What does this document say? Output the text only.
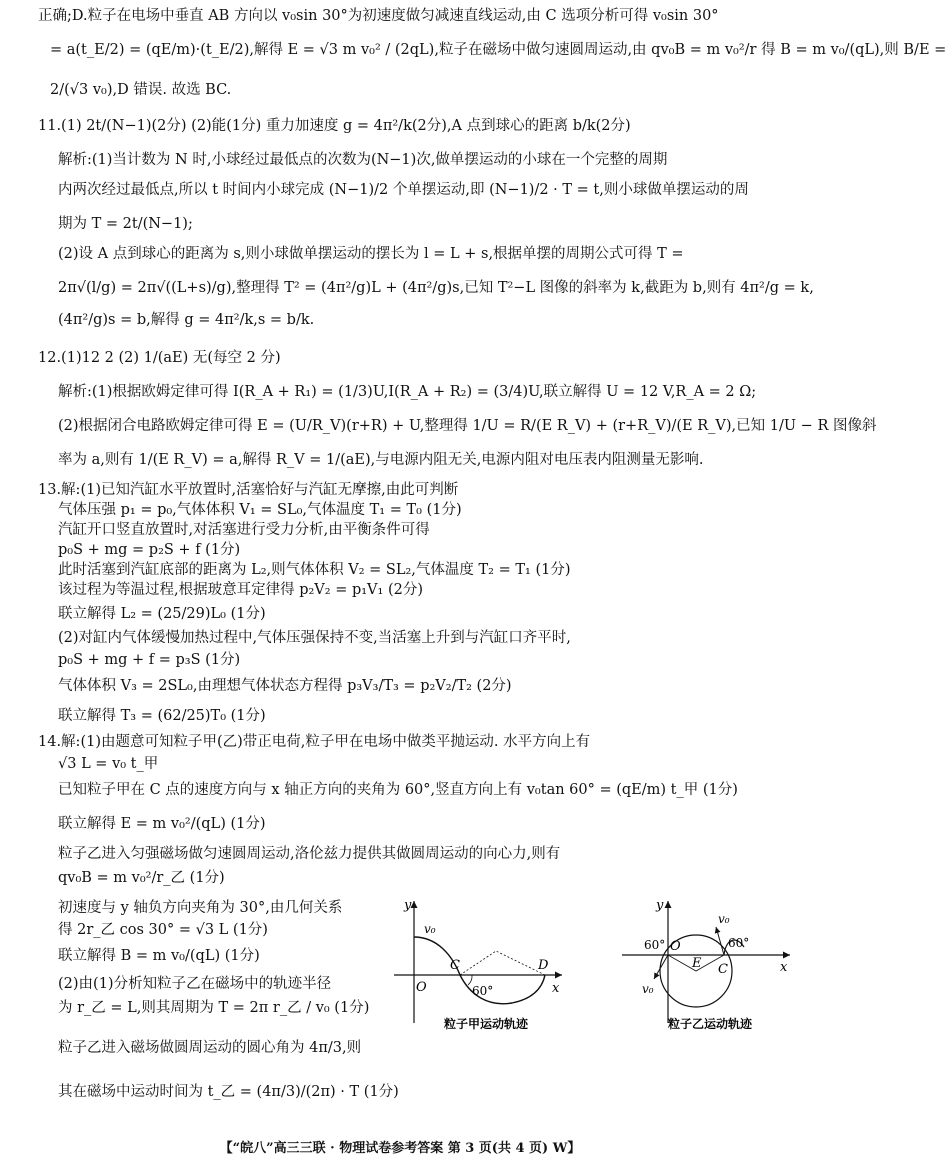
正确;D.粒子在电场中垂直 AB 方向以 v₀sin 30°为初速度做匀减速直线运动,由 C 选项分析可得 v₀sin 30°
= a(t_E/2) = (qE/m)·(t_E/2),解得 E = √3 m v₀² / (2qL),粒子在磁场中做匀速圆周运动,由 qv₀B = m v₀²/r 得 B = m v₀/(qL),则 B/E =
2/(√3 v₀),D 错误. 故选 BC.
11.(1) 2t/(N−1)(2分) (2)能(1分) 重力加速度 g = 4π²/k(2分),A 点到球心的距离 b/k(2分)
解析:(1)当计数为 N 时,小球经过最低点的次数为(N−1)次,做单摆运动的小球在一个完整的周期
内两次经过最低点,所以 t 时间内小球完成 (N−1)/2 个单摆运动,即 (N−1)/2 · T = t,则小球做单摆运动的周
期为 T = 2t/(N−1);
(2)设 A 点到球心的距离为 s,则小球做单摆运动的摆长为 l = L + s,根据单摆的周期公式可得 T =
2π√(l/g) = 2π√((L+s)/g),整理得 T² = (4π²/g)L + (4π²/g)s,已知 T²−L 图像的斜率为 k,截距为 b,则有 4π²/g = k,
(4π²/g)s = b,解得 g = 4π²/k,s = b/k.
12.(1)12 2 (2) 1/(aE) 无(每空 2 分)
解析:(1)根据欧姆定律可得 I(R_A + R₁) = (1/3)U,I(R_A + R₂) = (3/4)U,联立解得 U = 12 V,R_A = 2 Ω;
(2)根据闭合电路欧姆定律可得 E = (U/R_V)(r+R) + U,整理得 1/U = R/(E R_V) + (r+R_V)/(E R_V),已知 1/U − R 图像斜
率为 a,则有 1/(E R_V) = a,解得 R_V = 1/(aE),与电源内阻无关,电源内阻对电压表内阻测量无影响.
13.解:(1)已知汽缸水平放置时,活塞恰好与汽缸无摩擦,由此可判断
气体压强 p₁ = p₀,气体体积 V₁ = SL₀,气体温度 T₁ = T₀ (1分)
汽缸开口竖直放置时,对活塞进行受力分析,由平衡条件可得
p₀S + mg = p₂S + f (1分)
此时活塞到汽缸底部的距离为 L₂,则气体体积 V₂ = SL₂,气体温度 T₂ = T₁ (1分)
该过程为等温过程,根据玻意耳定律得 p₂V₂ = p₁V₁ (2分)
联立解得 L₂ = (25/29)L₀ (1分)
(2)对缸内气体缓慢加热过程中,气体压强保持不变,当活塞上升到与汽缸口齐平时,
p₀S + mg + f = p₃S (1分)
气体体积 V₃ = 2SL₀,由理想气体状态方程得 p₃V₃/T₃ = p₂V₂/T₂ (2分)
联立解得 T₃ = (62/25)T₀ (1分)
14.解:(1)由题意可知粒子甲(乙)带正电荷,粒子甲在电场中做类平抛运动. 水平方向上有
√3 L = v₀ t_甲
已知粒子甲在 C 点的速度方向与 x 轴正方向的夹角为 60°,竖直方向上有 v₀tan 60° = (qE/m) t_甲 (1分)
联立解得 E = m v₀²/(qL) (1分)
粒子乙进入匀强磁场做匀速圆周运动,洛伦兹力提供其做圆周运动的向心力,则有
qv₀B = m v₀²/r_乙 (1分)
初速度与 y 轴负方向夹角为 30°,由几何关系
得 2r_乙 cos 30° = √3 L (1分)
联立解得 B = m v₀/(qL) (1分)
(2)由(1)分析知粒子乙在磁场中的轨迹半径
为 r_乙 = L,则其周期为 T = 2π r_乙 / v₀ (1分)
粒子乙进入磁场做圆周运动的圆心角为 4π/3,则
其在磁场中运动时间为 t_乙 = (4π/3)/(2π) · T (1分)
y
x
O
C	D
v₀
60°
粒子甲运动轨迹
y
x
O
E C
v₀
v₀
60°	60°
粒子乙运动轨迹
【“皖八”高三三联 · 物理试卷参考答案 第 3 页(共 4 页) W】
